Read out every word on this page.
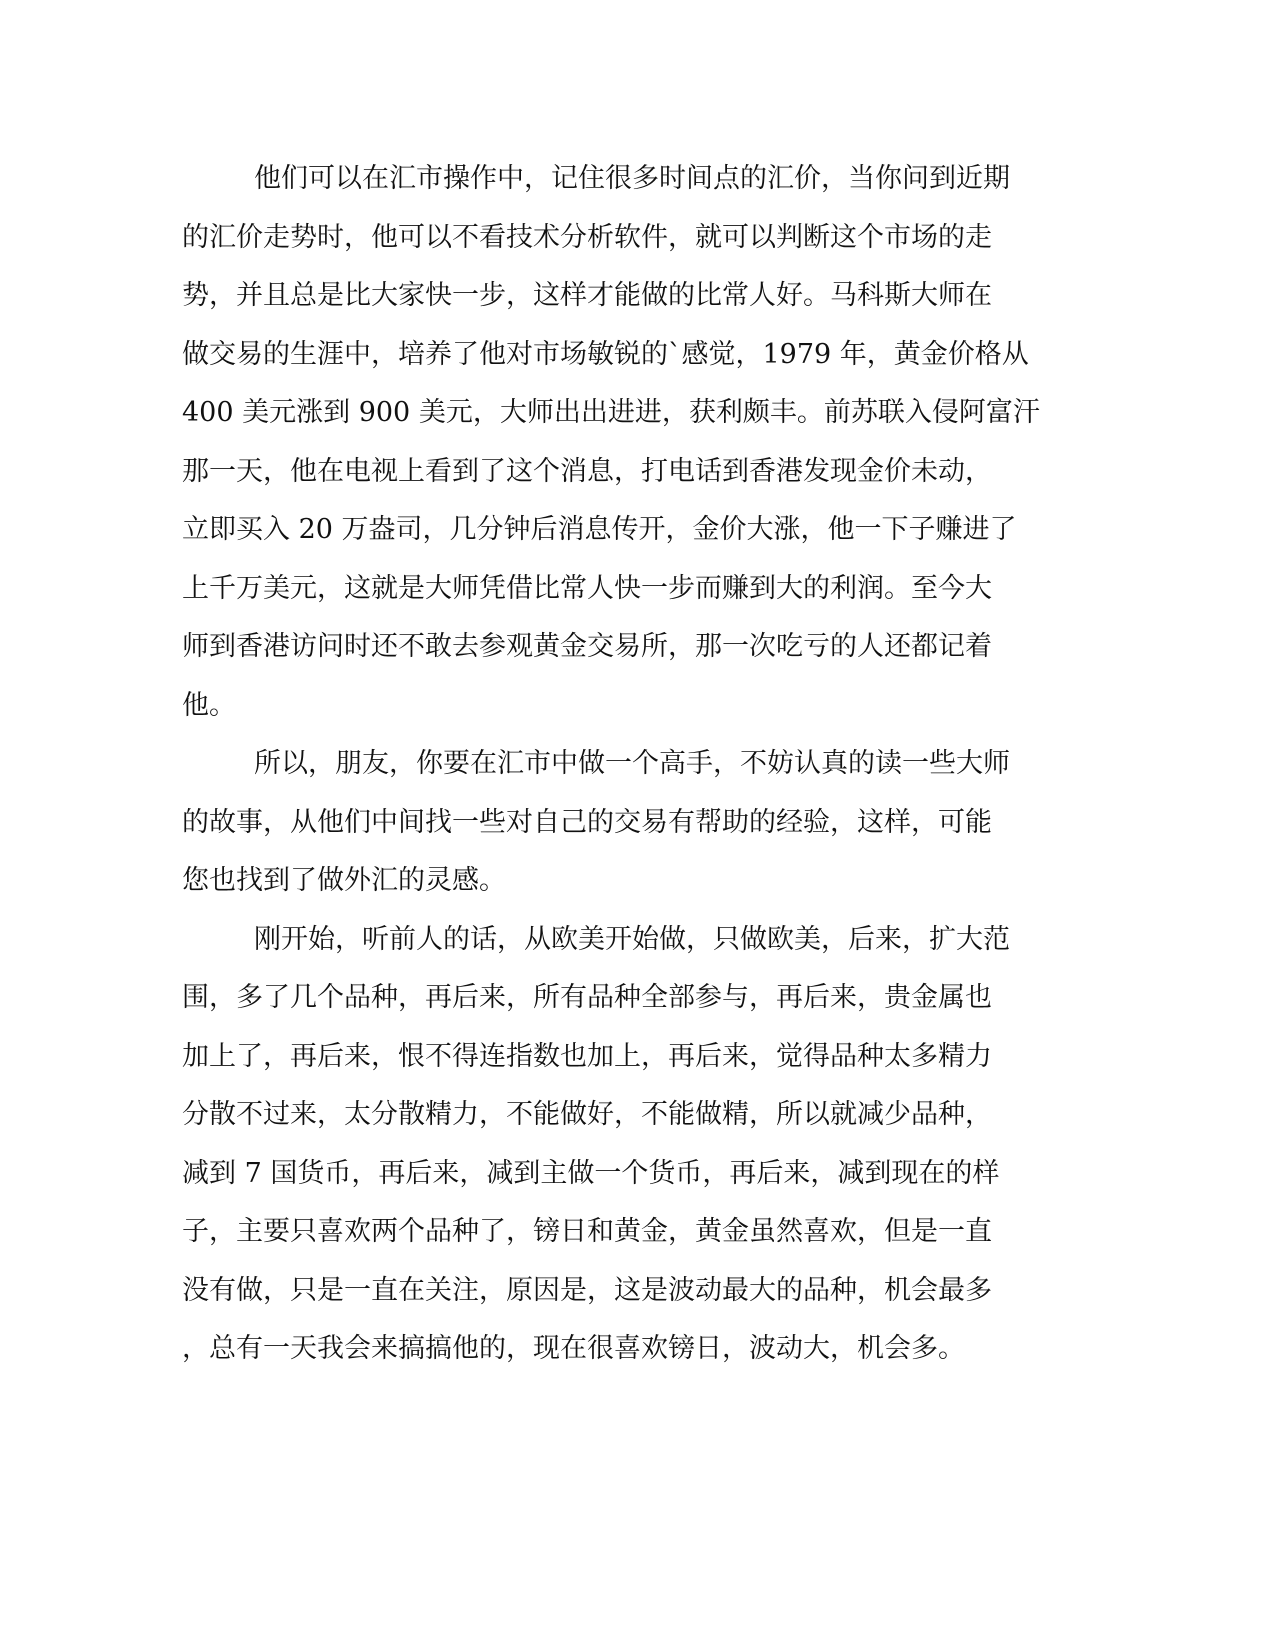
他们可以在汇市操作中，记住很多时间点的汇价，当你问到近期
的汇价走势时，他可以不看技术分析软件，就可以判断这个市场的走
势，并且总是比大家快一步，这样才能做的比常人好。马科斯大师在
做交易的生涯中，培养了他对市场敏锐的`感觉，1979 年，黄金价格从
400 美元涨到 900 美元，大师出出进进，获利颇丰。前苏联入侵阿富汗
那一天，他在电视上看到了这个消息，打电话到香港发现金价未动，
立即买入 20 万盎司，几分钟后消息传开，金价大涨，他一下子赚进了
上千万美元，这就是大师凭借比常人快一步而赚到大的利润。至今大
师到香港访问时还不敢去参观黄金交易所，那一次吃亏的人还都记着
他。
所以，朋友，你要在汇市中做一个高手，不妨认真的读一些大师
的故事，从他们中间找一些对自己的交易有帮助的经验，这样，可能
您也找到了做外汇的灵感。
刚开始，听前人的话，从欧美开始做，只做欧美，后来，扩大范
围，多了几个品种，再后来，所有品种全部参与，再后来，贵金属也
加上了，再后来，恨不得连指数也加上，再后来，觉得品种太多精力
分散不过来，太分散精力，不能做好，不能做精，所以就减少品种，
减到 7 国货币，再后来，减到主做一个货币，再后来，减到现在的样
子，主要只喜欢两个品种了，镑日和黄金，黄金虽然喜欢，但是一直
没有做，只是一直在关注，原因是，这是波动最大的品种，机会最多
，总有一天我会来搞搞他的，现在很喜欢镑日，波动大，机会多。
